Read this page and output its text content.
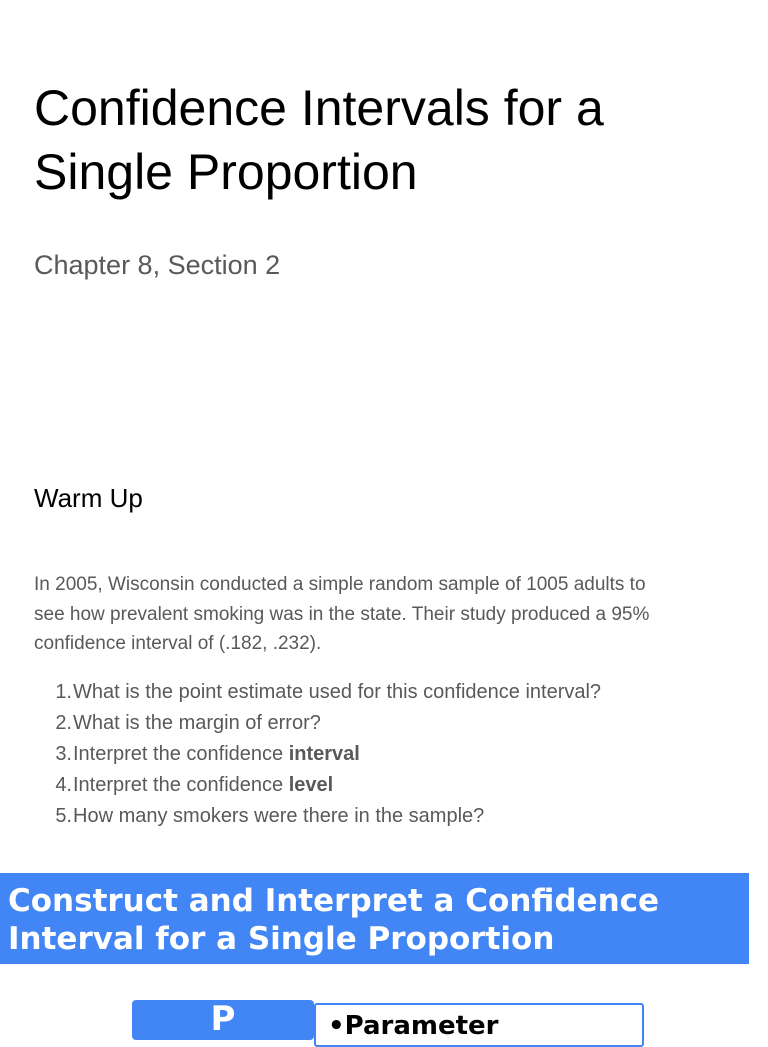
Confidence Intervals for a Single Proportion

Chapter 8, Section 2

Warm Up

In 2005, Wisconsin conducted a simple random sample of 1005 adults to see how prevalent smoking was in the state. Their study produced a 95% confidence interval of (.182, .232).

1. What is the point estimate used for this confidence interval?
2. What is the margin of error?
3. Interpret the confidence interval
4. Interpret the confidence level
5. How many smokers were there in the sample?
Construct and Interpret a Confidence Interval for a Single Proportion
P	•Parameter
